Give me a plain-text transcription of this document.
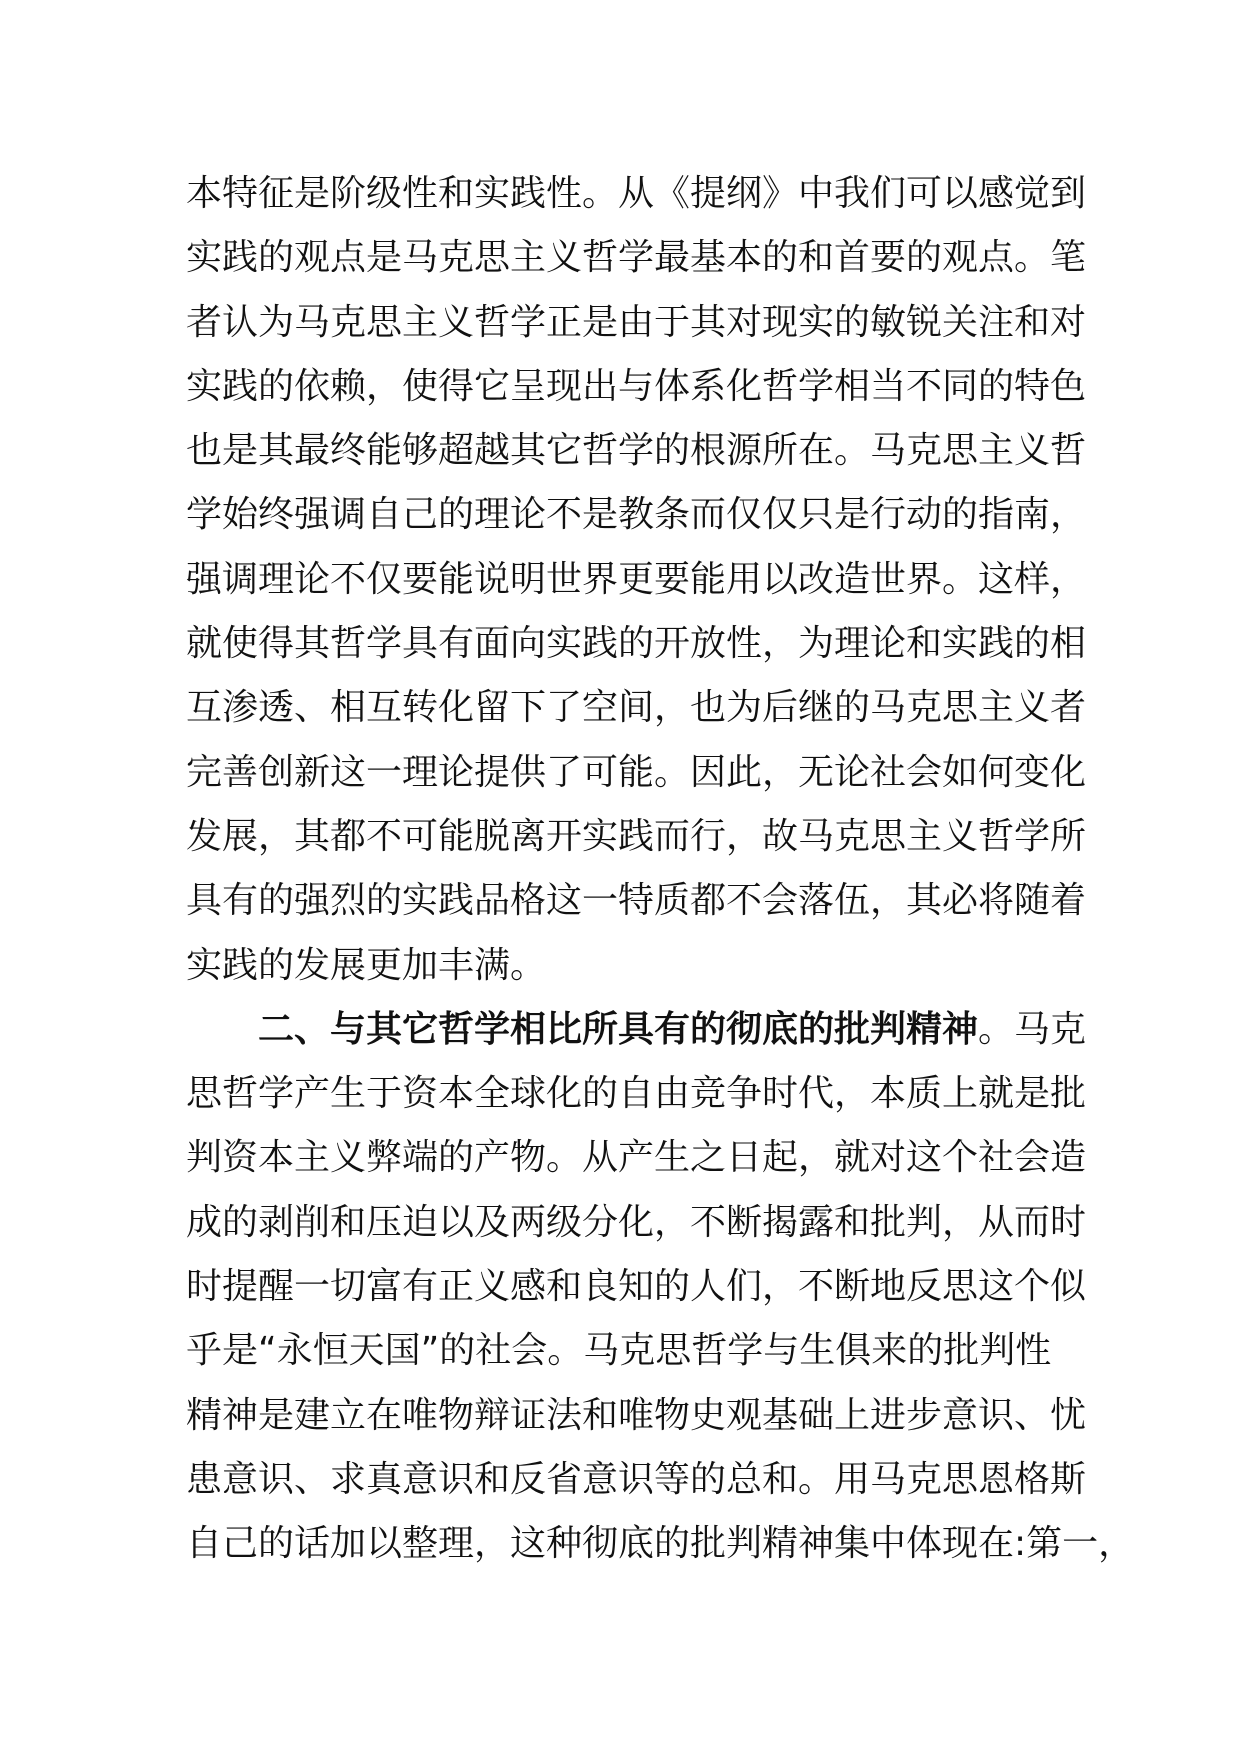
本特征是阶级性和实践性。从《提纲》中我们可以感觉到
实践的观点是马克思主义哲学最基本的和首要的观点。笔
者认为马克思主义哲学正是由于其对现实的敏锐关注和对
实践的依赖，使得它呈现出与体系化哲学相当不同的特色
也是其最终能够超越其它哲学的根源所在。马克思主义哲
学始终强调自己的理论不是教条而仅仅只是行动的指南，
强调理论不仅要能说明世界更要能用以改造世界。这样，
就使得其哲学具有面向实践的开放性，为理论和实践的相
互渗透、相互转化留下了空间，也为后继的马克思主义者
完善创新这一理论提供了可能。因此，无论社会如何变化
发展，其都不可能脱离开实践而行，故马克思主义哲学所
具有的强烈的实践品格这一特质都不会落伍，其必将随着
实践的发展更加丰满。
二、与其它哲学相比所具有的彻底的批判精神。马克
思哲学产生于资本全球化的自由竞争时代，本质上就是批
判资本主义弊端的产物。从产生之日起，就对这个社会造
成的剥削和压迫以及两级分化，不断揭露和批判，从而时
时提醒一切富有正义感和良知的人们，不断地反思这个似
乎是“永恒天国”的社会。马克思哲学与生俱来的批判性
精神是建立在唯物辩证法和唯物史观基础上进步意识、忧
患意识、求真意识和反省意识等的总和。用马克思恩格斯
自己的话加以整理，这种彻底的批判精神集中体现在:第一，
